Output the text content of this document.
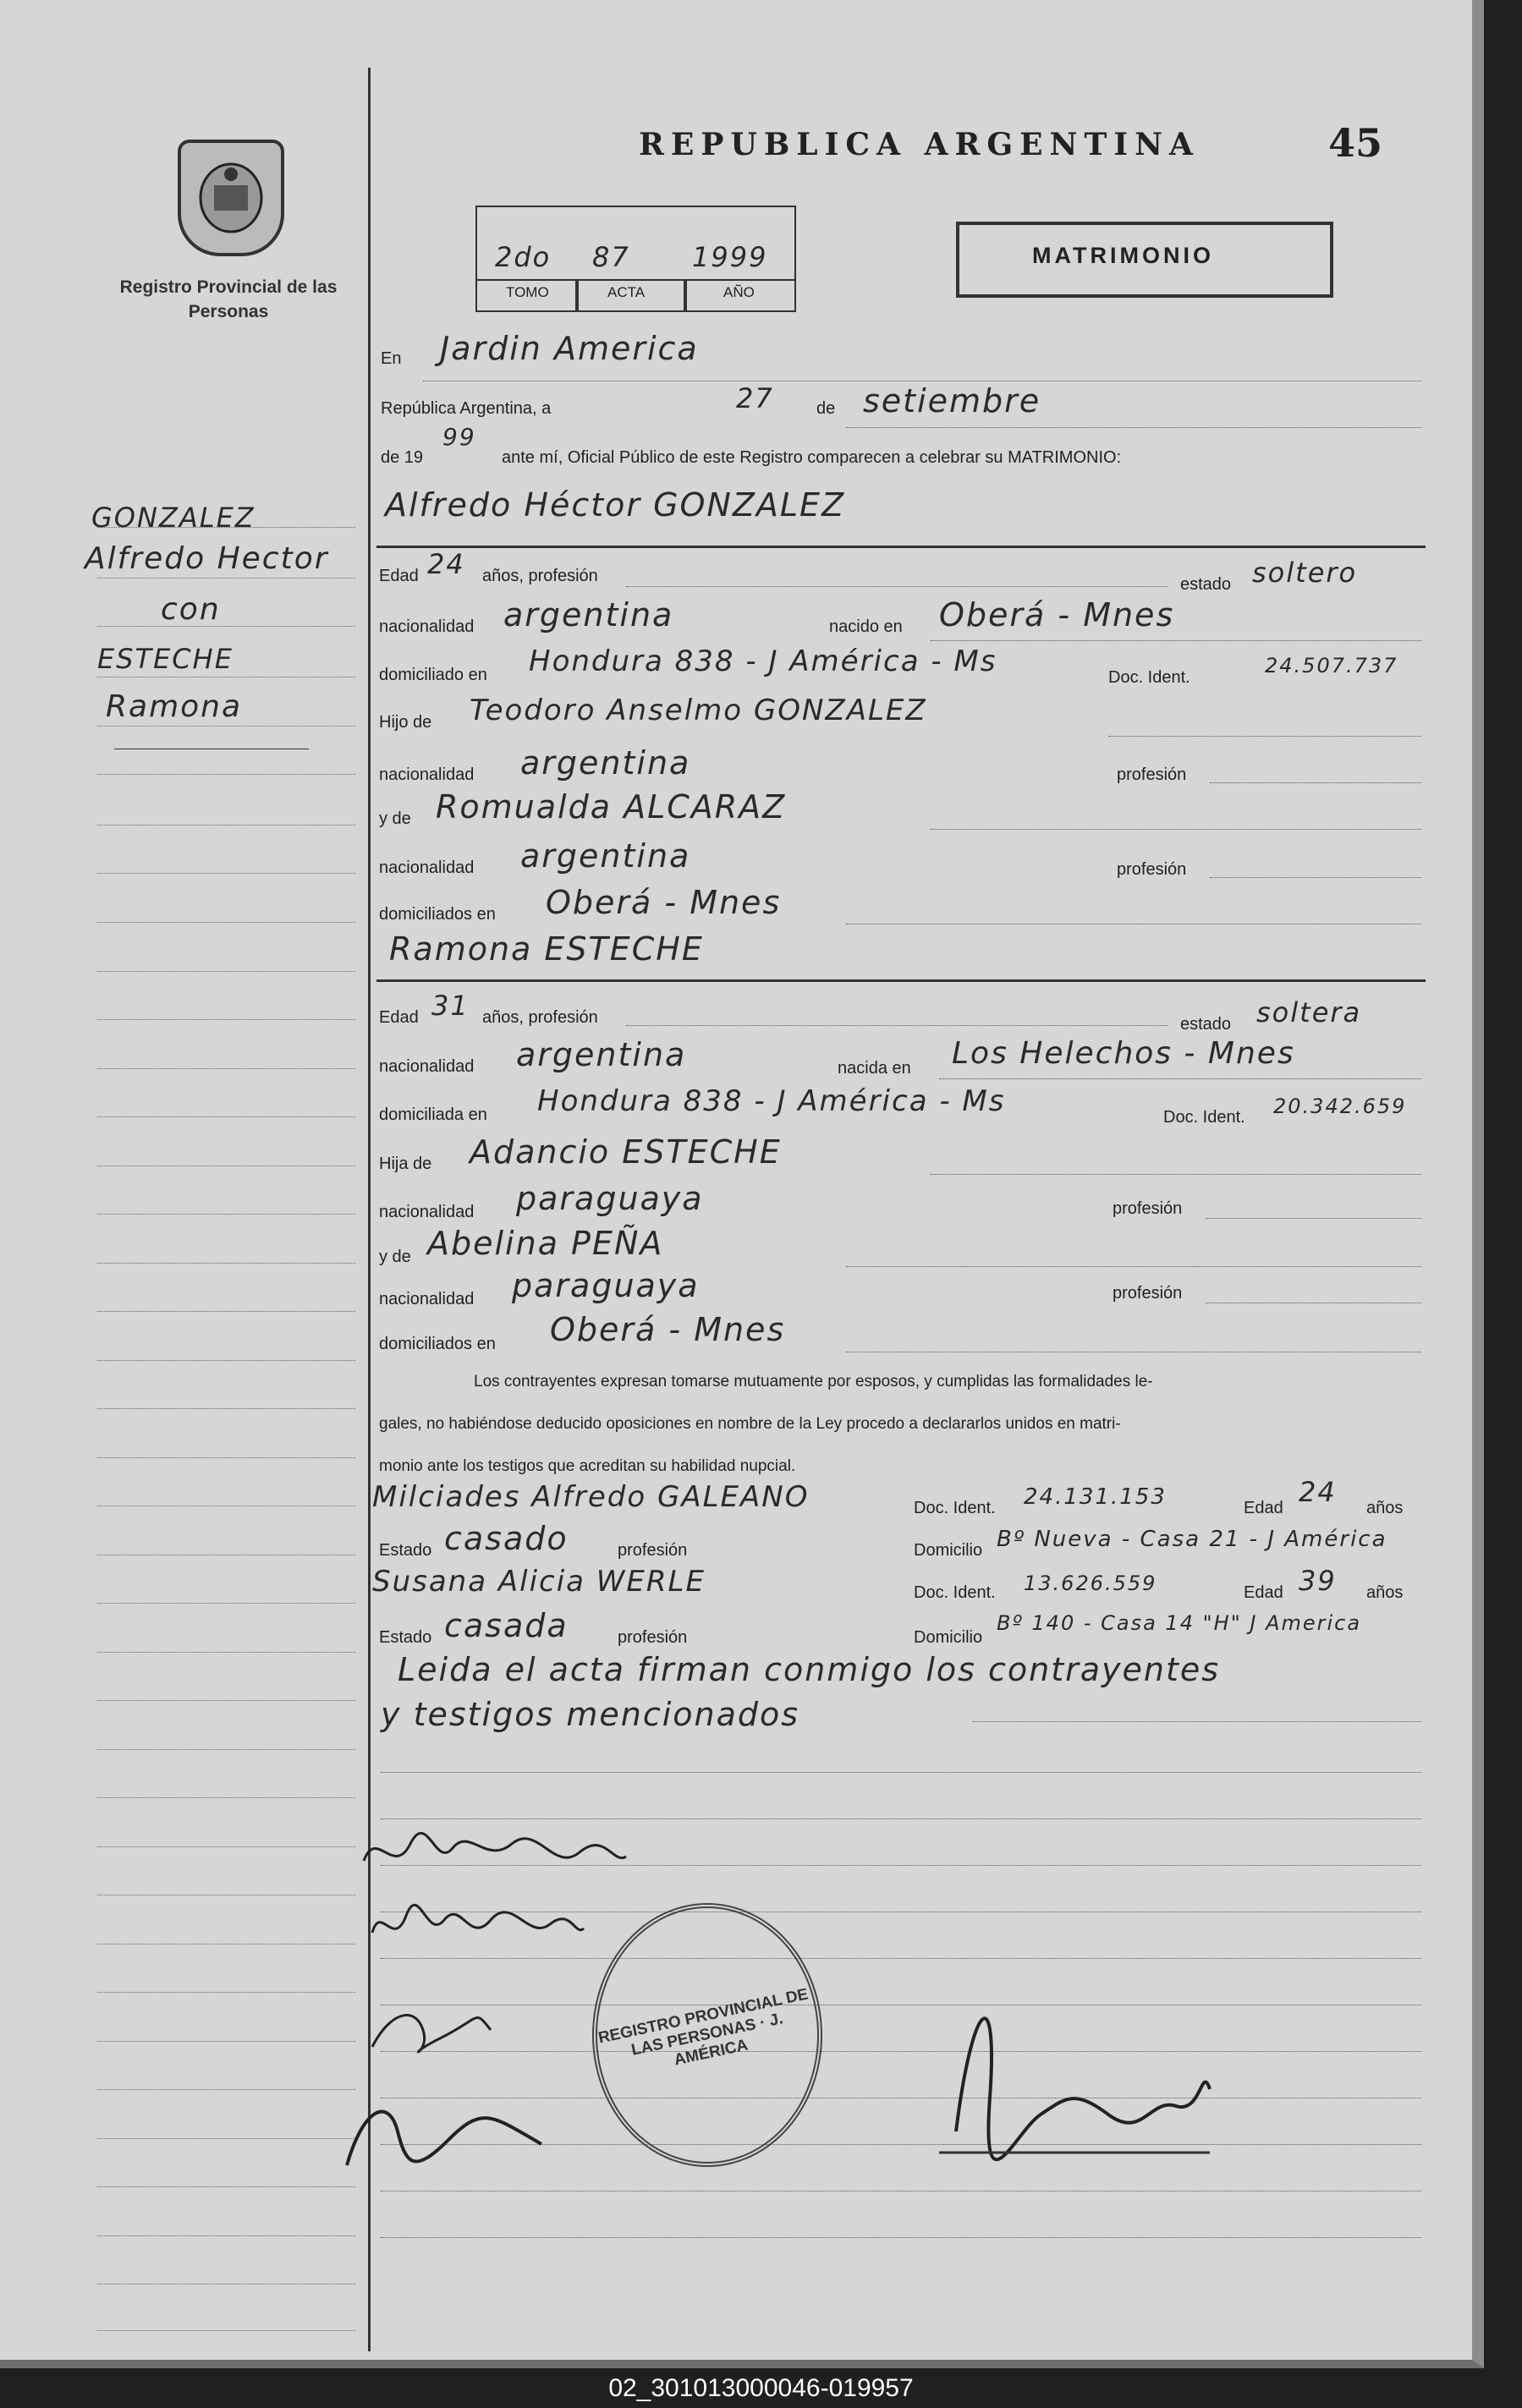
Registro Provincial de las Personas
REPUBLICA ARGENTINA	45
2do 87 1999
TOMO	ACTA	AÑO
MATRIMONIO
GONZALEZ
Alfredo Hector
con
ESTECHE
Ramona
En Jardin America
República Argentina, a	27	de setiembre
de 19
99
ante mí, Oficial Público de este Registro comparecen a celebrar su MATRIMONIO:
Alfredo Héctor GONZALEZ
Edad 24 años, profesión	estado soltero
nacionalidad argentina	nacido en Oberá - Mnes
domiciliado en Hondura 838 - J América - Ms	Doc. Ident.	24.507.737
Hijo de Teodoro Anselmo GONZALEZ
nacionalidad argentina	profesión
y de Romualda ALCARAZ
nacionalidad argentina	profesión
domiciliados en Oberá - Mnes
Ramona ESTECHE
Edad 31 años, profesión	estado soltera
nacionalidad argentina	nacida en Los Helechos - Mnes
domiciliada en Hondura 838 - J América - Ms	Doc. Ident. 20.342.659
Hija de Adancio ESTECHE
nacionalidad paraguaya	profesión
y de Abelina PEÑA
nacionalidad paraguaya	profesión
domiciliados en Oberá - Mnes
Los contrayentes expresan tomarse mutuamente por esposos, y cumplidas las formalidades le-
gales, no habiéndose deducido oposiciones en nombre de la Ley procedo a declararlos unidos en matri-
monio ante los testigos que acreditan su habilidad nupcial.
Milciades Alfredo GALEANO	Doc. Ident. 24.131.153	Edad 24 años
Estado casado	profesión	Domicilio Bº Nueva - Casa 21 - J América
Susana Alicia WERLE	Doc. Ident. 13.626.559	Edad 39 años
Estado casada	profesión	Domicilio
Bº 140 - Casa 14 "H" J America
Leida el acta firman conmigo los contrayentes
y testigos mencionados
REGISTRO PROVINCIAL DE LAS PERSONAS · J. AMÉRICA
02_301013000046-019957
